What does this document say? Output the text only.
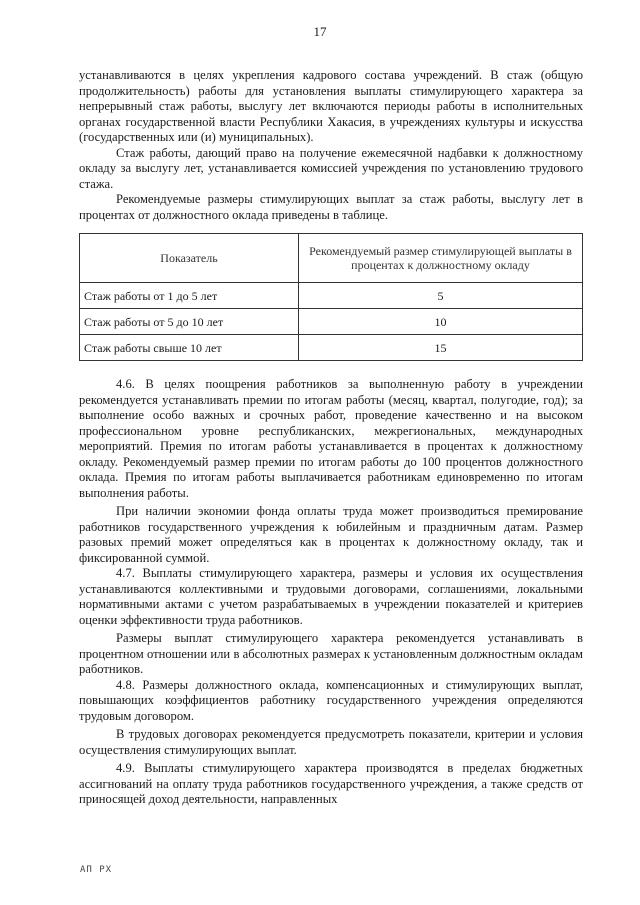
17

устанавливаются в целях укрепления кадрового состава учреждений. В стаж (общую продолжительность) работы для установления выплаты стимулирующего характера за непрерывный стаж работы, выслугу лет включаются периоды работы в исполнительных органах государственной власти Республики Хакасия, в учреждениях культуры и искусства (государственных или (и) муниципальных).

Стаж работы, дающий право на получение ежемесячной надбавки к должностному окладу за выслугу лет, устанавливается комиссией учреждения по установлению трудового стажа.

Рекомендуемые размеры стимулирующих выплат за стаж работы, выслугу лет в процентах от должностного оклада приведены в таблице.

Показатель	Рекомендуемый размер стимулирующей выплаты в процентах к должностному окладу
Стаж работы от 1 до 5 лет	5
Стаж работы от 5 до 10 лет	10
Стаж работы свыше 10 лет	15

4.6. В целях поощрения работников за выполненную работу в учреждении рекомендуется устанавливать премии по итогам работы (месяц, квартал, полугодие, год); за выполнение особо важных и срочных работ, проведение качественно и на высоком профессиональном уровне республиканских, межрегиональных, международных мероприятий. Премия по итогам работы устанавливается в процентах к должностному окладу. Рекомендуемый размер премии по итогам работы до 100 процентов должностного оклада. Премия по итогам работы выплачивается работникам единовременно по итогам выполнения работы.

При наличии экономии фонда оплаты труда может производиться премирование работников государственного учреждения к юбилейным и праздничным датам. Размер разовых премий может определяться как в процентах к должностному окладу, так и фиксированной суммой.

4.7. Выплаты стимулирующего характера, размеры и условия их осуществления устанавливаются коллективными и трудовыми договорами, соглашениями, локальными нормативными актами с учетом разрабатываемых в учреждении показателей и критериев оценки эффективности труда работников.

Размеры выплат стимулирующего характера рекомендуется устанавливать в процентном отношении или в абсолютных размерах к установленным должностным окладам работников.

4.8. Размеры должностного оклада, компенсационных и стимулирующих выплат, повышающих коэффициентов работнику государственного учреждения определяются трудовым договором.

В трудовых договорах рекомендуется предусмотреть показатели, критерии и условия осуществления стимулирующих выплат.

4.9. Выплаты стимулирующего характера производятся в пределах бюджетных ассигнований на оплату труда работников государственного учреждения, а также средств от приносящей доход деятельности, направленных

АП РХ
